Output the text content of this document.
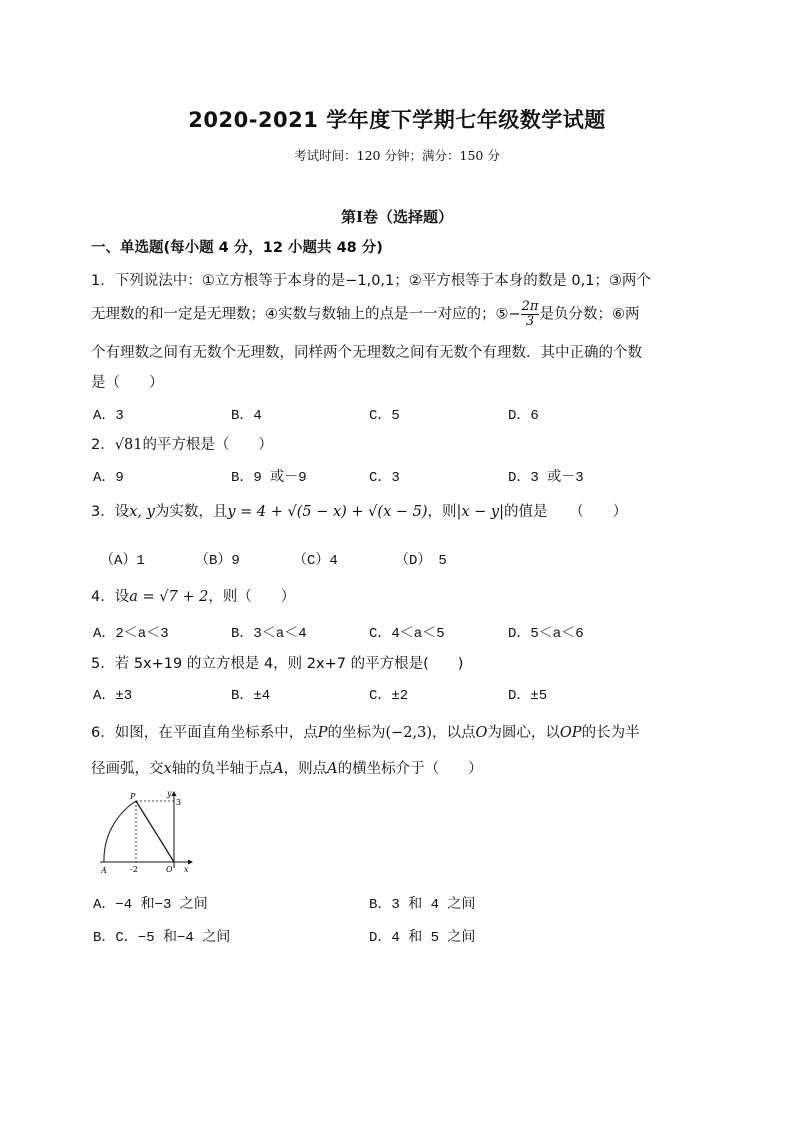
2020-2021 学年度下学期七年级数学试题
考试时间：120 分钟；满分：150 分
第Ⅰ卷（选择题）
一、单选题(每小题 4 分，12 小题共 48 分)
1．下列说法中：①立方根等于本身的是−1,0,1；②平方根等于本身的数是 0,1；③两个
无理数的和一定是无理数；④实数与数轴上的点是一一对应的；⑤− $\frac{2\pi}{3}$ 是负分数；⑥两
个有理数之间有无数个无理数，同样两个无理数之间有无数个有理数．其中正确的个数
是（　　）
A．3	B．4	C．5	D．6
2．√81的平方根是（　　）
A．9	B．9 或－9	C．3	D．3 或－3
3．设x, y为实数，且y = 4 + √(5 − x) + √(x − 5)，则|x − y|的值是　　（　　）
（A）1	（B）9	（C）4	（D）　5
4．设a = √7 + 2，则（　　）
A．2＜a＜3	B．3＜a＜4	C．4＜a＜5	D．5＜a＜6
5．若 5x+19 的立方根是 4，则 2x+7 的平方根是(　　)
A．±3	B．±4	C．±2	D．±5
6．如图，在平面直角坐标系中，点P的坐标为(−2,3)，以点O为圆心，以OP的长为半
径画弧，交x轴的负半轴于点A，则点A的横坐标介于（　　）
P	y
3
A	-2	O x
A．−4 和−3 之间	B．3 和 4 之间
B．C．−5 和−4 之间	D．4 和 5 之间
